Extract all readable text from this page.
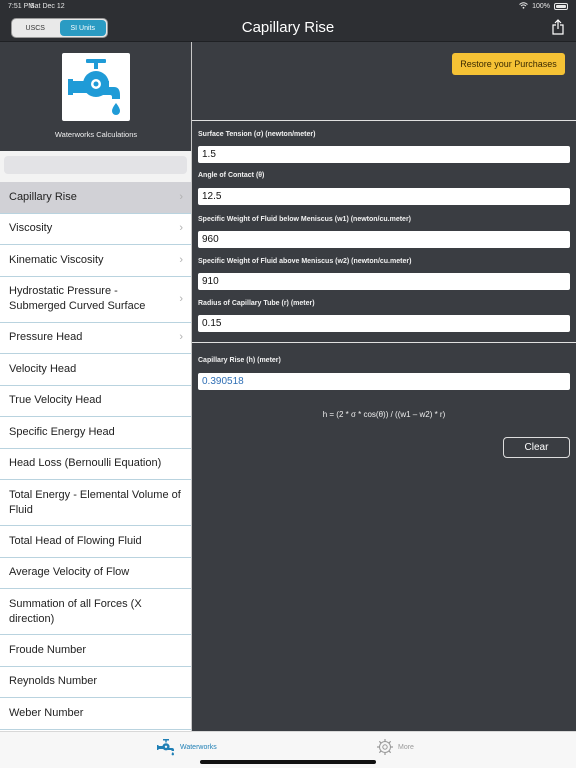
7:51 PM
Sat Dec 12	100%
USCS	SI Units	Capillary Rise
Waterworks Calculations
Capillary Rise	›
Viscosity	›
Kinematic Viscosity	›
Hydrostatic Pressure - Submerged Curved Surface
›
Pressure Head	›
Velocity Head
True Velocity Head
Specific Energy Head
Head Loss (Bernoulli Equation)
Total Energy - Elemental Volume of Fluid
Total Head of Flowing Fluid
Average Velocity of Flow
Summation of all Forces (X direction)
Froude Number
Reynolds Number
Weber Number
Restore your Purchases
Surface Tension (σ) (newton/meter)
1.5
Angle of Contact (θ)
12.5
Specific Weight of Fluid below Meniscus (w1) (newton/cu.meter)
960
Specific Weight of Fluid above Meniscus (w2) (newton/cu.meter)
910
Radius of Capillary Tube (r) (meter)
0.15
Capillary Rise (h) (meter)
0.390518
h = (2 * σ * cos(θ)) / ((w1 – w2) * r)
Clear
Waterworks	More
